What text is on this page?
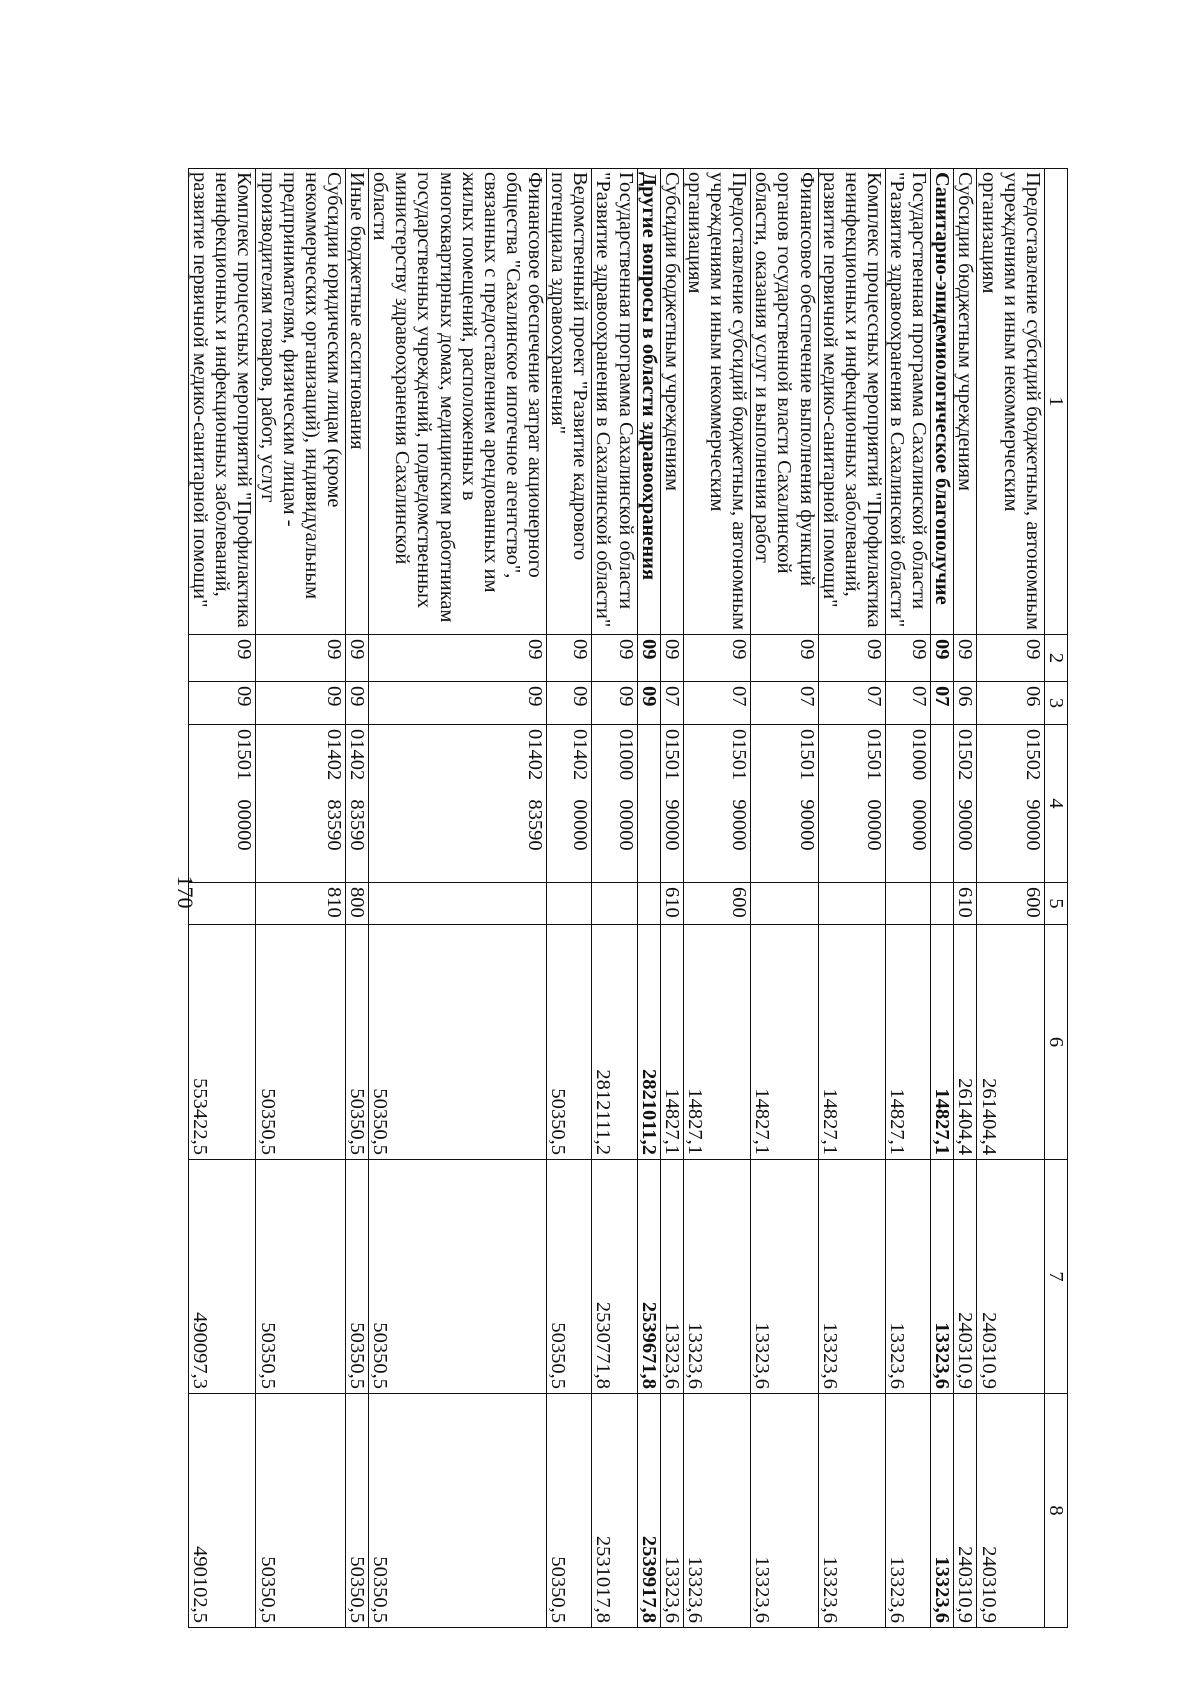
170
1	2	3	4	5	6	7	8
Предоставление субсидий бюджетным, автономным учреждениям и иным некоммерческим организациям	09	06	01502 90000	600	261404,4	240310,9	240310,9
Субсидии бюджетным учреждениям	09	06	01502 90000	610	261404,4	240310,9	240310,9
Санитарно-эпидемиологическое благополучие	09	07			14827,1	13323,6	13323,6
Государственная программа Сахалинской области "Развитие здравоохранения в Сахалинской области"	09	07	01000 00000		14827,1	13323,6	13323,6
Комплекс процессных мероприятий "Профилактика неинфекционных и инфекционных заболеваний, развитие первичной медико-санитарной помощи"	09	07	01501 00000		14827,1	13323,6	13323,6
Финансовое обеспечение выполнения функций органов государственной власти Сахалинской области, оказания услуг и выполнения работ	09	07	01501 90000		14827,1	13323,6	13323,6
Предоставление субсидий бюджетным, автономным учреждениям и иным некоммерческим организациям	09	07	01501 90000	600	14827,1	13323,6	13323,6
Субсидии бюджетным учреждениям	09	07	01501 90000	610	14827,1	13323,6	13323,6
Другие вопросы в области здравоохранения	09	09			2821011,2	2539671,8	2539917,8
Государственная программа Сахалинской области "Развитие здравоохранения в Сахалинской области"	09	09	01000 00000		2812111,2	2530771,8	2531017,8
Ведомственный проект "Развитие кадрового потенциала здравоохранения"	09	09	01402 00000		50350,5	50350,5	50350,5
Финансовое обеспечение затрат акционерного общества "Сахалинское ипотечное агентство", связанных с предоставлением арендованных им жилых помещений, расположенных в многоквартирных домах, медицинским работникам государственных учреждений, подведомственных министерству здравоохранения Сахалинской области	09	09	01402 83590		50350,5	50350,5	50350,5
Иные бюджетные ассигнования	09	09	01402 83590	800	50350,5	50350,5	50350,5
Субсидии юридическим лицам (кроме некоммерческих организаций), индивидуальным предпринимателям, физическим лицам - производителям товаров, работ, услуг	09	09	01402 83590	810	50350,5	50350,5	50350,5
Комплекс процессных мероприятий "Профилактика неинфекционных и инфекционных заболеваний, развитие первичной медико-санитарной помощи"	09	09	01501 00000		553422,5	490097,3	490102,5
